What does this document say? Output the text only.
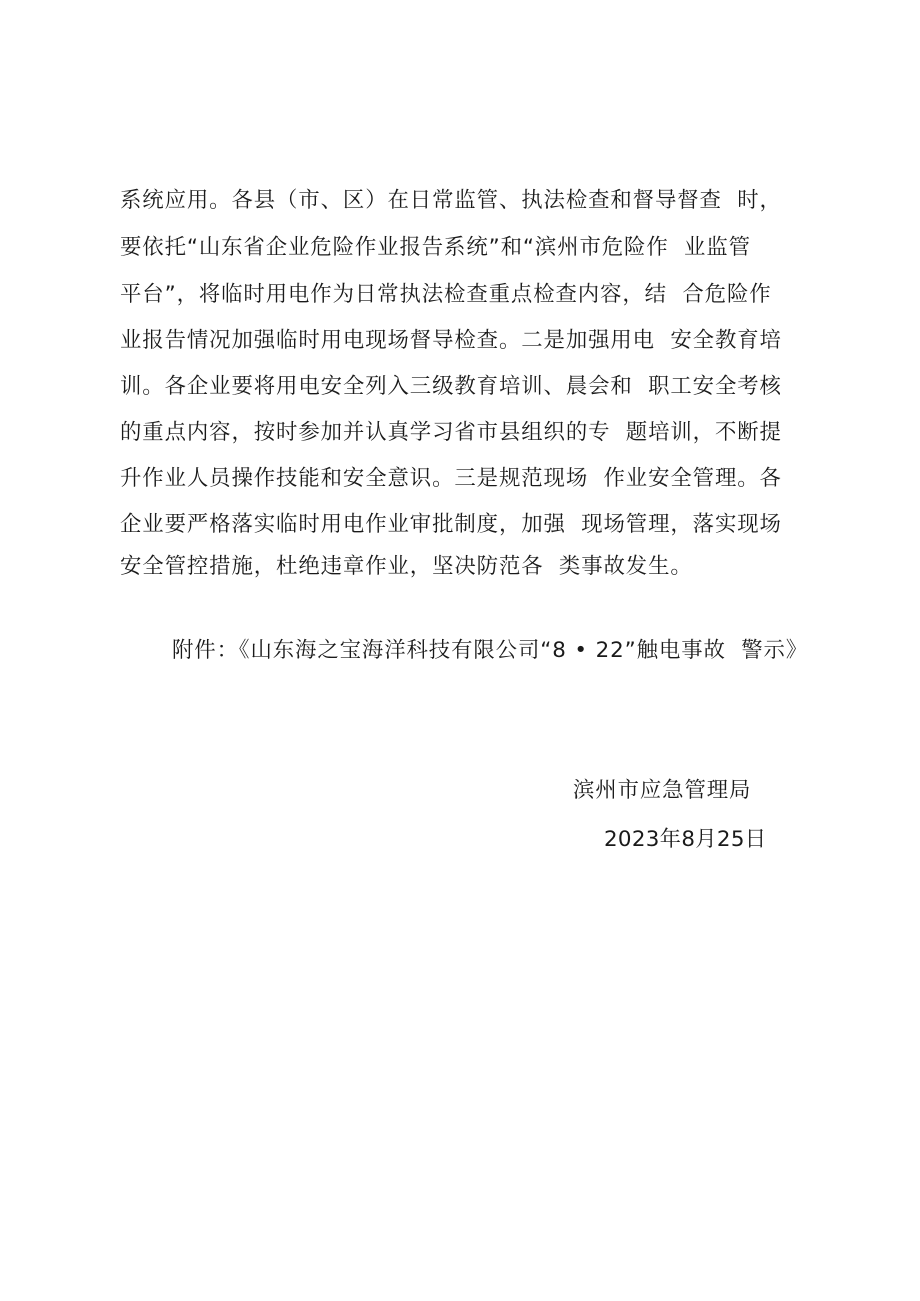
系统应用。各县（市、区）在日常监管、执法检查和督导督查  时，
要依托“山东省企业危险作业报告系统”和“滨州市危险作  业监管
平台”，将临时用电作为日常执法检查重点检查内容，结  合危险作
业报告情况加强临时用电现场督导检查。二是加强用电  安全教育培
训。各企业要将用电安全列入三级教育培训、晨会和  职工安全考核
的重点内容，按时参加并认真学习省市县组织的专  题培训，不断提
升作业人员操作技能和安全意识。三是规范现场  作业安全管理。各
企业要严格落实临时用电作业审批制度，加强  现场管理，落实现场
安全管控措施，杜绝违章作业，坚决防范各  类事故发生。
附件：《山东海之宝海洋科技有限公司“8 • 22”触电事故  警示》
滨州市应急管理局
2023年8月25日
